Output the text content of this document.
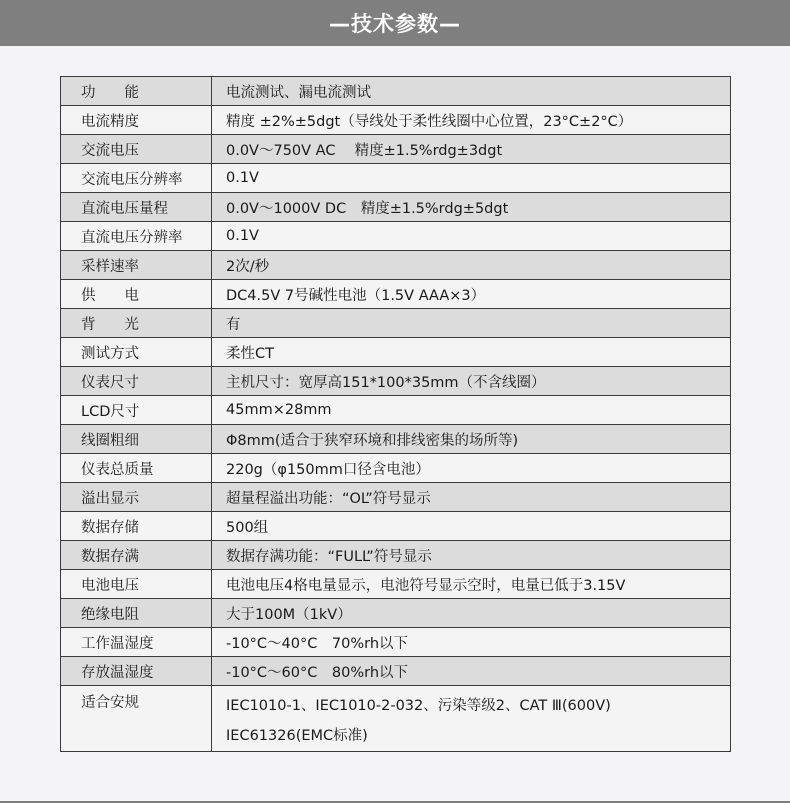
—技术参数—
功　　能	电流测试、漏电流测试
电流精度	精度 ±2%±5dgt（导线处于柔性线圈中心位置，23°C±2°C）
交流电压	0.0V～750V AC　 精度±1.5%rdg±3dgt
交流电压分辨率	0.1V
直流电压量程	0.0V～1000V DC　精度±1.5%rdg±5dgt
直流电压分辨率	0.1V
采样速率	2次/秒
供　　电	DC4.5V 7号碱性电池（1.5V AAA×3）
背　　光	有
测试方式	柔性CT
仪表尺寸	主机尺寸：宽厚高151*100*35mm（不含线圈）
LCD尺寸	45mm×28mm
线圈粗细	Φ8mm(适合于狭窄环境和排线密集的场所等)
仪表总质量	220g（φ150mm口径含电池）
溢出显示	超量程溢出功能：“OL”符号显示
数据存储	500组
数据存满	数据存满功能：“FULL”符号显示
电池电压	电池电压4格电量显示，电池符号显示空时，电量已低于3.15V
绝缘电阻	大于100M（1kV）
工作温湿度	-10°C～40°C　70%rh以下
存放温湿度	-10°C～60°C　80%rh以下
适合安规	IEC1010-1、IEC1010-2-032、污染等级2、CAT Ⅲ(600V)
IEC61326(EMC标准)
